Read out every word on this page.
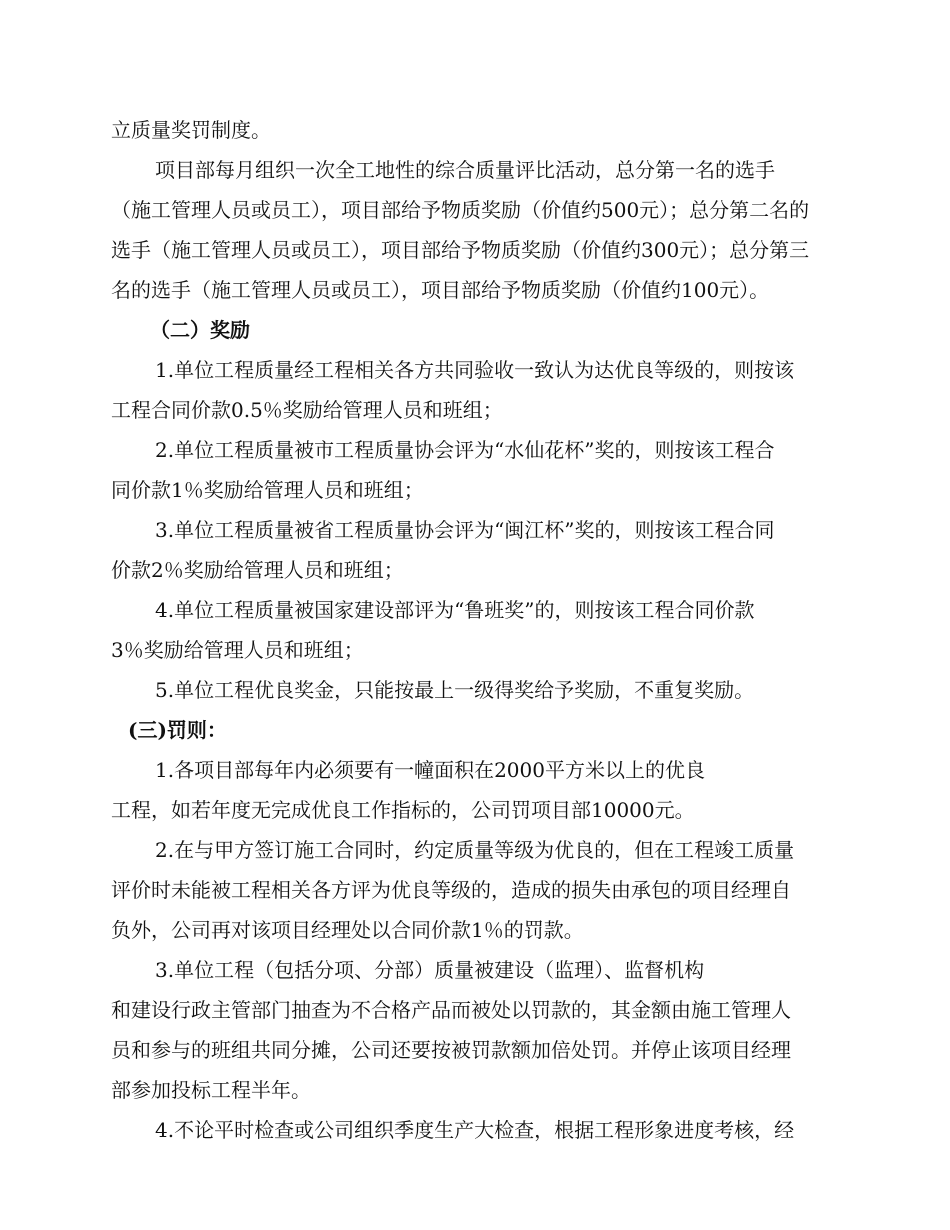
立质量奖罚制度。
项目部每月组织一次全工地性的综合质量评比活动，总分第一名的选手
（施工管理人员或员工），项目部给予物质奖励（价值约500元）；总分第二名的
选手（施工管理人员或员工），项目部给予物质奖励（价值约300元）；总分第三
名的选手（施工管理人员或员工），项目部给予物质奖励（价值约100元）。
（二）奖励
1.单位工程质量经工程相关各方共同验收一致认为达优良等级的，则按该
工程合同价款0.5％奖励给管理人员和班组；
2.单位工程质量被市工程质量协会评为“水仙花杯”奖的，则按该工程合
同价款1％奖励给管理人员和班组；
3.单位工程质量被省工程质量协会评为“闽江杯”奖的，则按该工程合同
价款2％奖励给管理人员和班组；
4.单位工程质量被国家建设部评为“鲁班奖”的，则按该工程合同价款
3％奖励给管理人员和班组；
5.单位工程优良奖金，只能按最上一级得奖给予奖励，不重复奖励。
(三)罚则：
1.各项目部每年内必须要有一幢面积在2000平方米以上的优良
工程，如若年度无完成优良工作指标的，公司罚项目部10000元。
2.在与甲方签订施工合同时，约定质量等级为优良的，但在工程竣工质量
评价时未能被工程相关各方评为优良等级的，造成的损失由承包的项目经理自
负外，公司再对该项目经理处以合同价款1％的罚款。
3.单位工程（包括分项、分部）质量被建设（监理）、监督机构
和建设行政主管部门抽查为不合格产品而被处以罚款的，其金额由施工管理人
员和参与的班组共同分摊，公司还要按被罚款额加倍处罚。并停止该项目经理
部参加投标工程半年。
4.不论平时检查或公司组织季度生产大检查，根据工程形象进度考核，经
